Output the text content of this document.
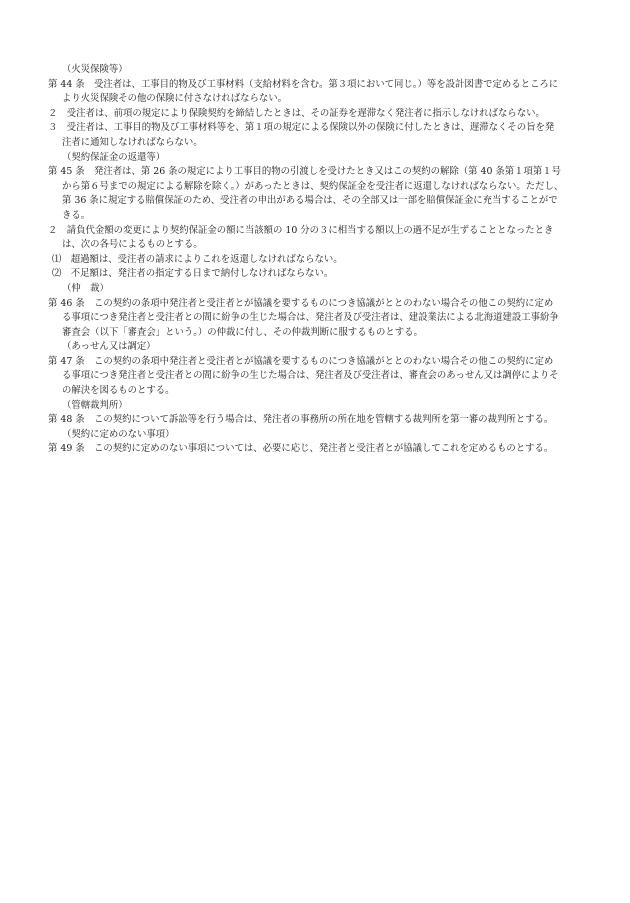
（火災保険等）
第 44 条　受注者は、工事目的物及び工事材料（支給材料を含む。第３項において同じ。）等を設計図書で定めるところに
より火災保険その他の保険に付さなければならない。
２　受注者は、前項の規定により保険契約を締結したときは、その証券を遅滞なく発注者に指示しなければならない。
３　受注者は、工事目的物及び工事材料等を、第１項の規定による保険以外の保険に付したときは、遅滞なくその旨を発
注者に通知しなければならない。
（契約保証金の返還等）
第 45 条　発注者は、第 26 条の規定により工事目的物の引渡しを受けたとき又はこの契約の解除（第 40 条第１項第１号
から第６号までの規定による解除を除く。）があったときは、契約保証金を受注者に返還しなければならない。ただし、
第 36 条に規定する賠償保証のため、受注者の申出がある場合は、その全部又は一部を賠償保証金に充当することがで
きる。
２　請負代金額の変更により契約保証金の額に当該額の 10 分の３に相当する額以上の過不足が生ずることとなったとき
は、次の各号によるものとする。
⑴　超過額は、受注者の請求によりこれを返還しなければならない。
⑵　不足額は、発注者の指定する日まで納付しなければならない。
（仲　裁）
第 46 条　この契約の条項中発注者と受注者とが協議を要するものにつき協議がととのわない場合その他この契約に定め
る事項につき発注者と受注者との間に紛争の生じた場合は、発注者及び受注者は、建設業法による北海道建設工事紛争
審査会（以下「審査会」という。）の仲裁に付し、その仲裁判断に服するものとする。
（あっせん又は調定）
第 47 条　この契約の条項中発注者と受注者とが協議を要するものにつき協議がととのわない場合その他この契約に定め
る事項につき発注者と受注者との間に紛争の生じた場合は、発注者及び受注者は、審査会のあっせん又は調停によりそ
の解決を図るものとする。
（管轄裁判所）
第 48 条　この契約について訴訟等を行う場合は、発注者の事務所の所在地を管轄する裁判所を第一審の裁判所とする。
（契約に定めのない事項）
第 49 条　この契約に定めのない事項については、必要に応じ、発注者と受注者とが協議してこれを定めるものとする。
